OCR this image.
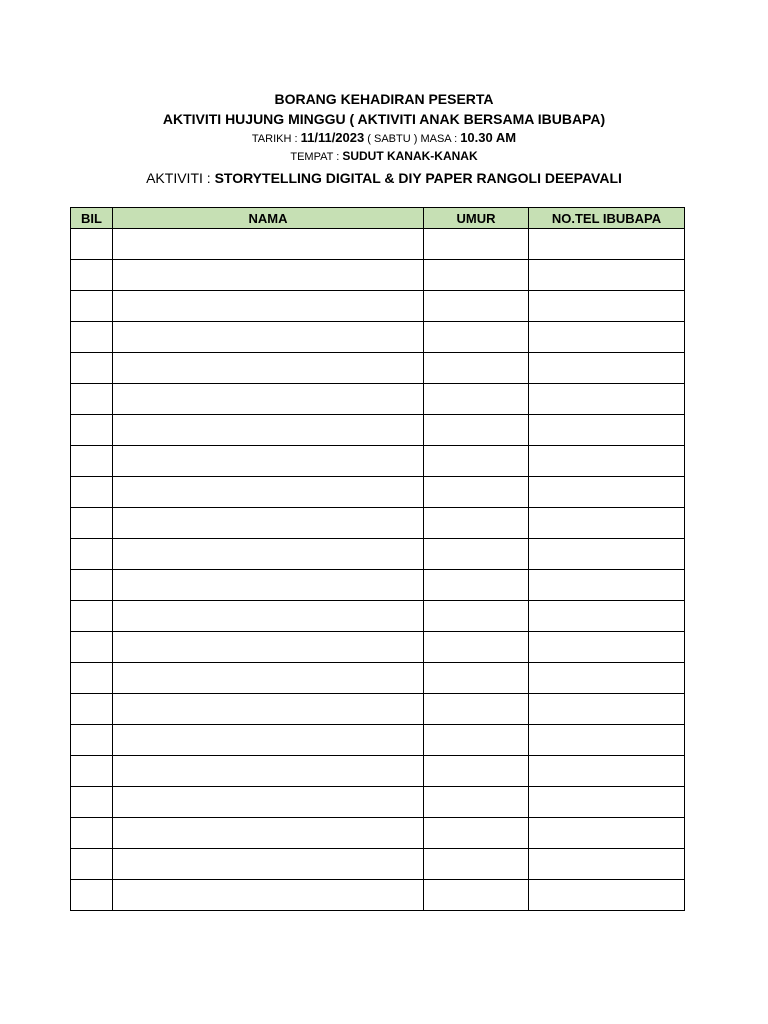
BORANG KEHADIRAN PESERTA
AKTIVITI HUJUNG MINGGU ( AKTIVITI ANAK BERSAMA IBUBAPA)
TARIKH : 11/11/2023 ( SABTU ) MASA : 10.30 AM
TEMPAT : SUDUT KANAK-KANAK
AKTIVITI : STORYTELLING DIGITAL & DIY PAPER RANGOLI DEEPAVALI
BIL	NAMA	UMUR	NO.TEL IBUBAPA
